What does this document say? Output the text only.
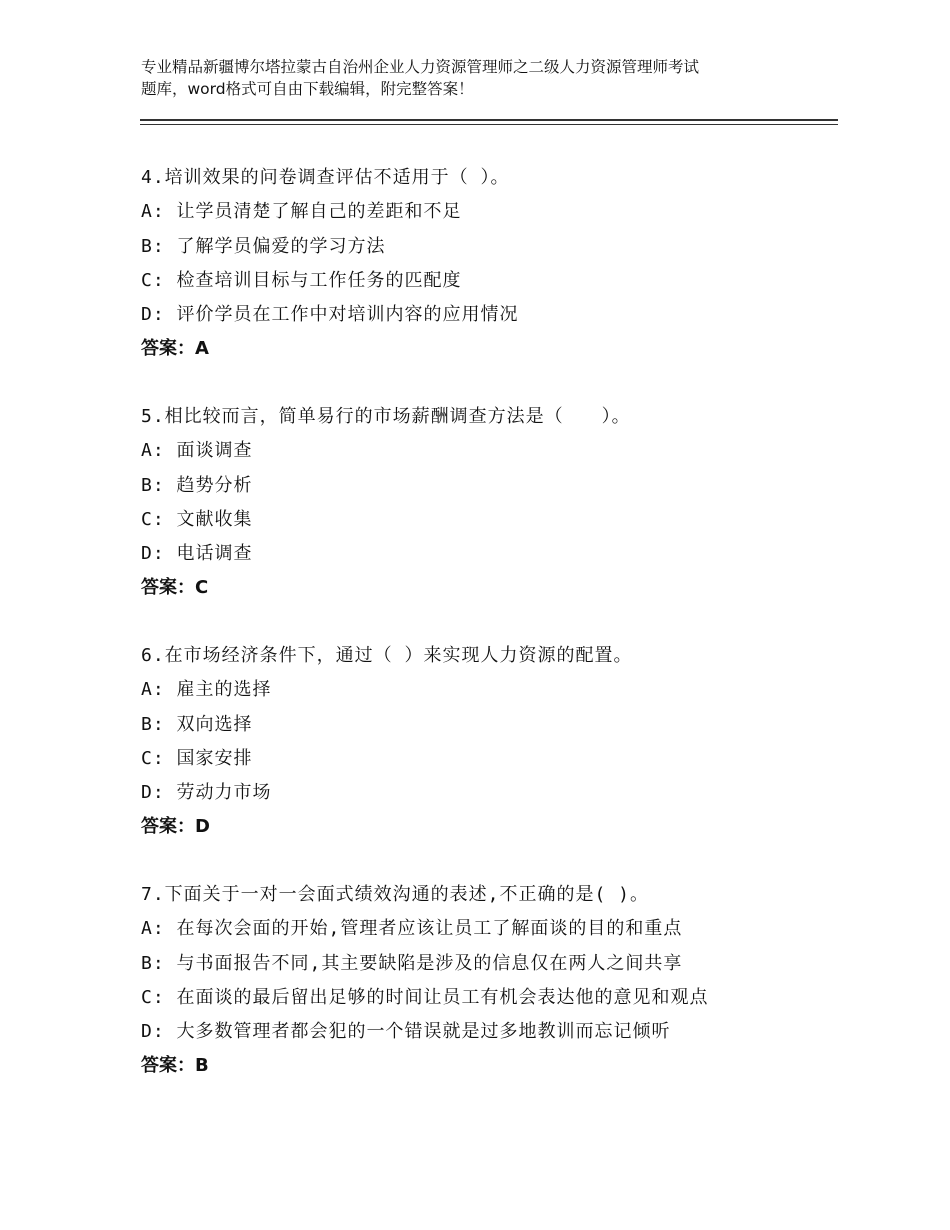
专业精品新疆博尔塔拉蒙古自治州企业人力资源管理师之二级人力资源管理师考试
题库，word格式可自由下载编辑，附完整答案！
4.培训效果的问卷调查评估不适用于（ ）。
A: 让学员清楚了解自己的差距和不足
B: 了解学员偏爱的学习方法
C: 检查培训目标与工作任务的匹配度
D: 评价学员在工作中对培训内容的应用情况
答案：A
5.相比较而言，简单易行的市场薪酬调查方法是（　　）。
A: 面谈调查
B: 趋势分析
C: 文献收集
D: 电话调查
答案：C
6.在市场经济条件下，通过（ ）来实现人力资源的配置。
A: 雇主的选择
B: 双向选择
C: 国家安排
D: 劳动力市场
答案：D
7.下面关于一对一会面式绩效沟通的表述,不正确的是( )。
A: 在每次会面的开始,管理者应该让员工了解面谈的目的和重点
B: 与书面报告不同,其主要缺陷是涉及的信息仅在两人之间共享
C: 在面谈的最后留出足够的时间让员工有机会表达他的意见和观点
D: 大多数管理者都会犯的一个错误就是过多地教训而忘记倾听
答案：B
